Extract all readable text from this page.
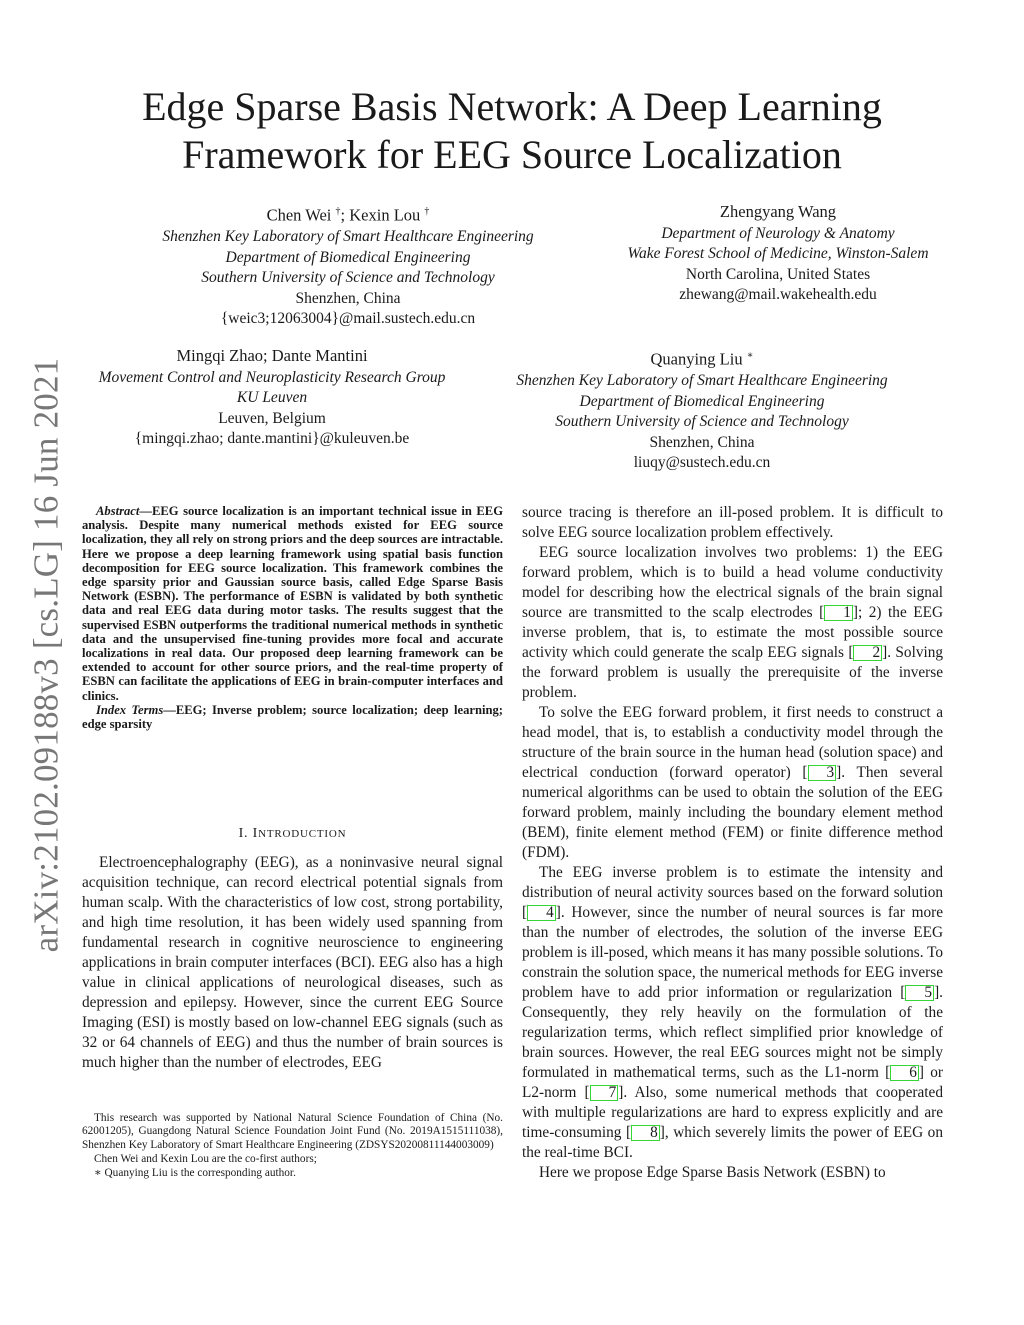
arXiv:2102.09188v3 [cs.LG] 16 Jun 2021
Edge Sparse Basis Network: A Deep Learning Framework for EEG Source Localization
Chen Wei †; Kexin Lou †
Shenzhen Key Laboratory of Smart Healthcare Engineering
Department of Biomedical Engineering
Southern University of Science and Technology
Shenzhen, China
{weic3;12063004}@mail.sustech.edu.cn
Zhengyang Wang
Department of Neurology & Anatomy
Wake Forest School of Medicine, Winston-Salem
North Carolina, United States
zhewang@mail.wakehealth.edu
Mingqi Zhao; Dante Mantini
Movement Control and Neuroplasticity Research Group
KU Leuven
Leuven, Belgium
{mingqi.zhao; dante.mantini}@kuleuven.be
Quanying Liu ∗
Shenzhen Key Laboratory of Smart Healthcare Engineering
Department of Biomedical Engineering
Southern University of Science and Technology
Shenzhen, China
liuqy@sustech.edu.cn

Abstract—EEG source localization is an important technical issue in EEG analysis. Despite many numerical methods existed for EEG source localization, they all rely on strong priors and the deep sources are intractable. Here we propose a deep learning framework using spatial basis function decomposition for EEG source localization. This framework combines the edge sparsity prior and Gaussian source basis, called Edge Sparse Basis Network (ESBN). The performance of ESBN is validated by both synthetic data and real EEG data during motor tasks. The results suggest that the supervised ESBN outperforms the traditional numerical methods in synthetic data and the unsupervised fine-tuning provides more focal and accurate localizations in real data. Our proposed deep learning framework can be extended to account for other source priors, and the real-time property of ESBN can facilitate the applications of EEG in brain-computer interfaces and clinics.

Index Terms—EEG; Inverse problem; source localization; deep learning; edge sparsity

I. INTRODUCTION

Electroencephalography (EEG), as a noninvasive neural signal acquisition technique, can record electrical potential signals from human scalp. With the characteristics of low cost, strong portability, and high time resolution, it has been widely used spanning from fundamental research in cognitive neuroscience to engineering applications in brain computer interfaces (BCI). EEG also has a high value in clinical applications of neurological diseases, such as depression and epilepsy. However, since the current EEG Source Imaging (ESI) is mostly based on low-channel EEG signals (such as 32 or 64 channels of EEG) and thus the number of brain sources is much higher than the number of electrodes, EEG

This research was supported by National Natural Science Foundation of China (No. 62001205), Guangdong Natural Science Foundation Joint Fund (No. 2019A1515111038), Shenzhen Key Laboratory of Smart Healthcare Engineering (ZDSYS20200811144003009)

Chen Wei and Kexin Lou are the co-first authors;

∗ Quanying Liu is the corresponding author.

source tracing is therefore an ill-posed problem. It is difficult to solve EEG source localization problem effectively.

EEG source localization involves two problems: 1) the EEG forward problem, which is to build a head volume conductivity model for describing how the electrical signals of the brain signal source are transmitted to the scalp electrodes [ 1 ]; 2) the EEG inverse problem, that is, to estimate the most possible source activity which could generate the scalp EEG signals [ 2 ]. Solving the forward problem is usually the prerequisite of the inverse problem.

To solve the EEG forward problem, it first needs to construct a head model, that is, to establish a conductivity model through the structure of the brain source in the human head (solution space) and electrical conduction (forward operator) [ 3 ]. Then several numerical algorithms can be used to obtain the solution of the EEG forward problem, mainly including the boundary element method (BEM), finite element method (FEM) or finite difference method (FDM).

The EEG inverse problem is to estimate the intensity and distribution of neural activity sources based on the forward solution [ 4 ]. However, since the number of neural sources is far more than the number of electrodes, the solution of the inverse EEG problem is ill-posed, which means it has many possible solutions. To constrain the solution space, the numerical methods for EEG inverse problem have to add prior information or regularization [ 5 ]. Consequently, they rely heavily on the formulation of the regularization terms, which reflect simplified prior knowledge of brain sources. However, the real EEG sources might not be simply formulated in mathematical terms, such as the L1-norm [ 6 ] or L2-norm [ 7 ]. Also, some numerical methods that cooperated with multiple regularizations are hard to express explicitly and are time-consuming [ 8 ], which severely limits the power of EEG on the real-time BCI.

Here we propose Edge Sparse Basis Network (ESBN) to
